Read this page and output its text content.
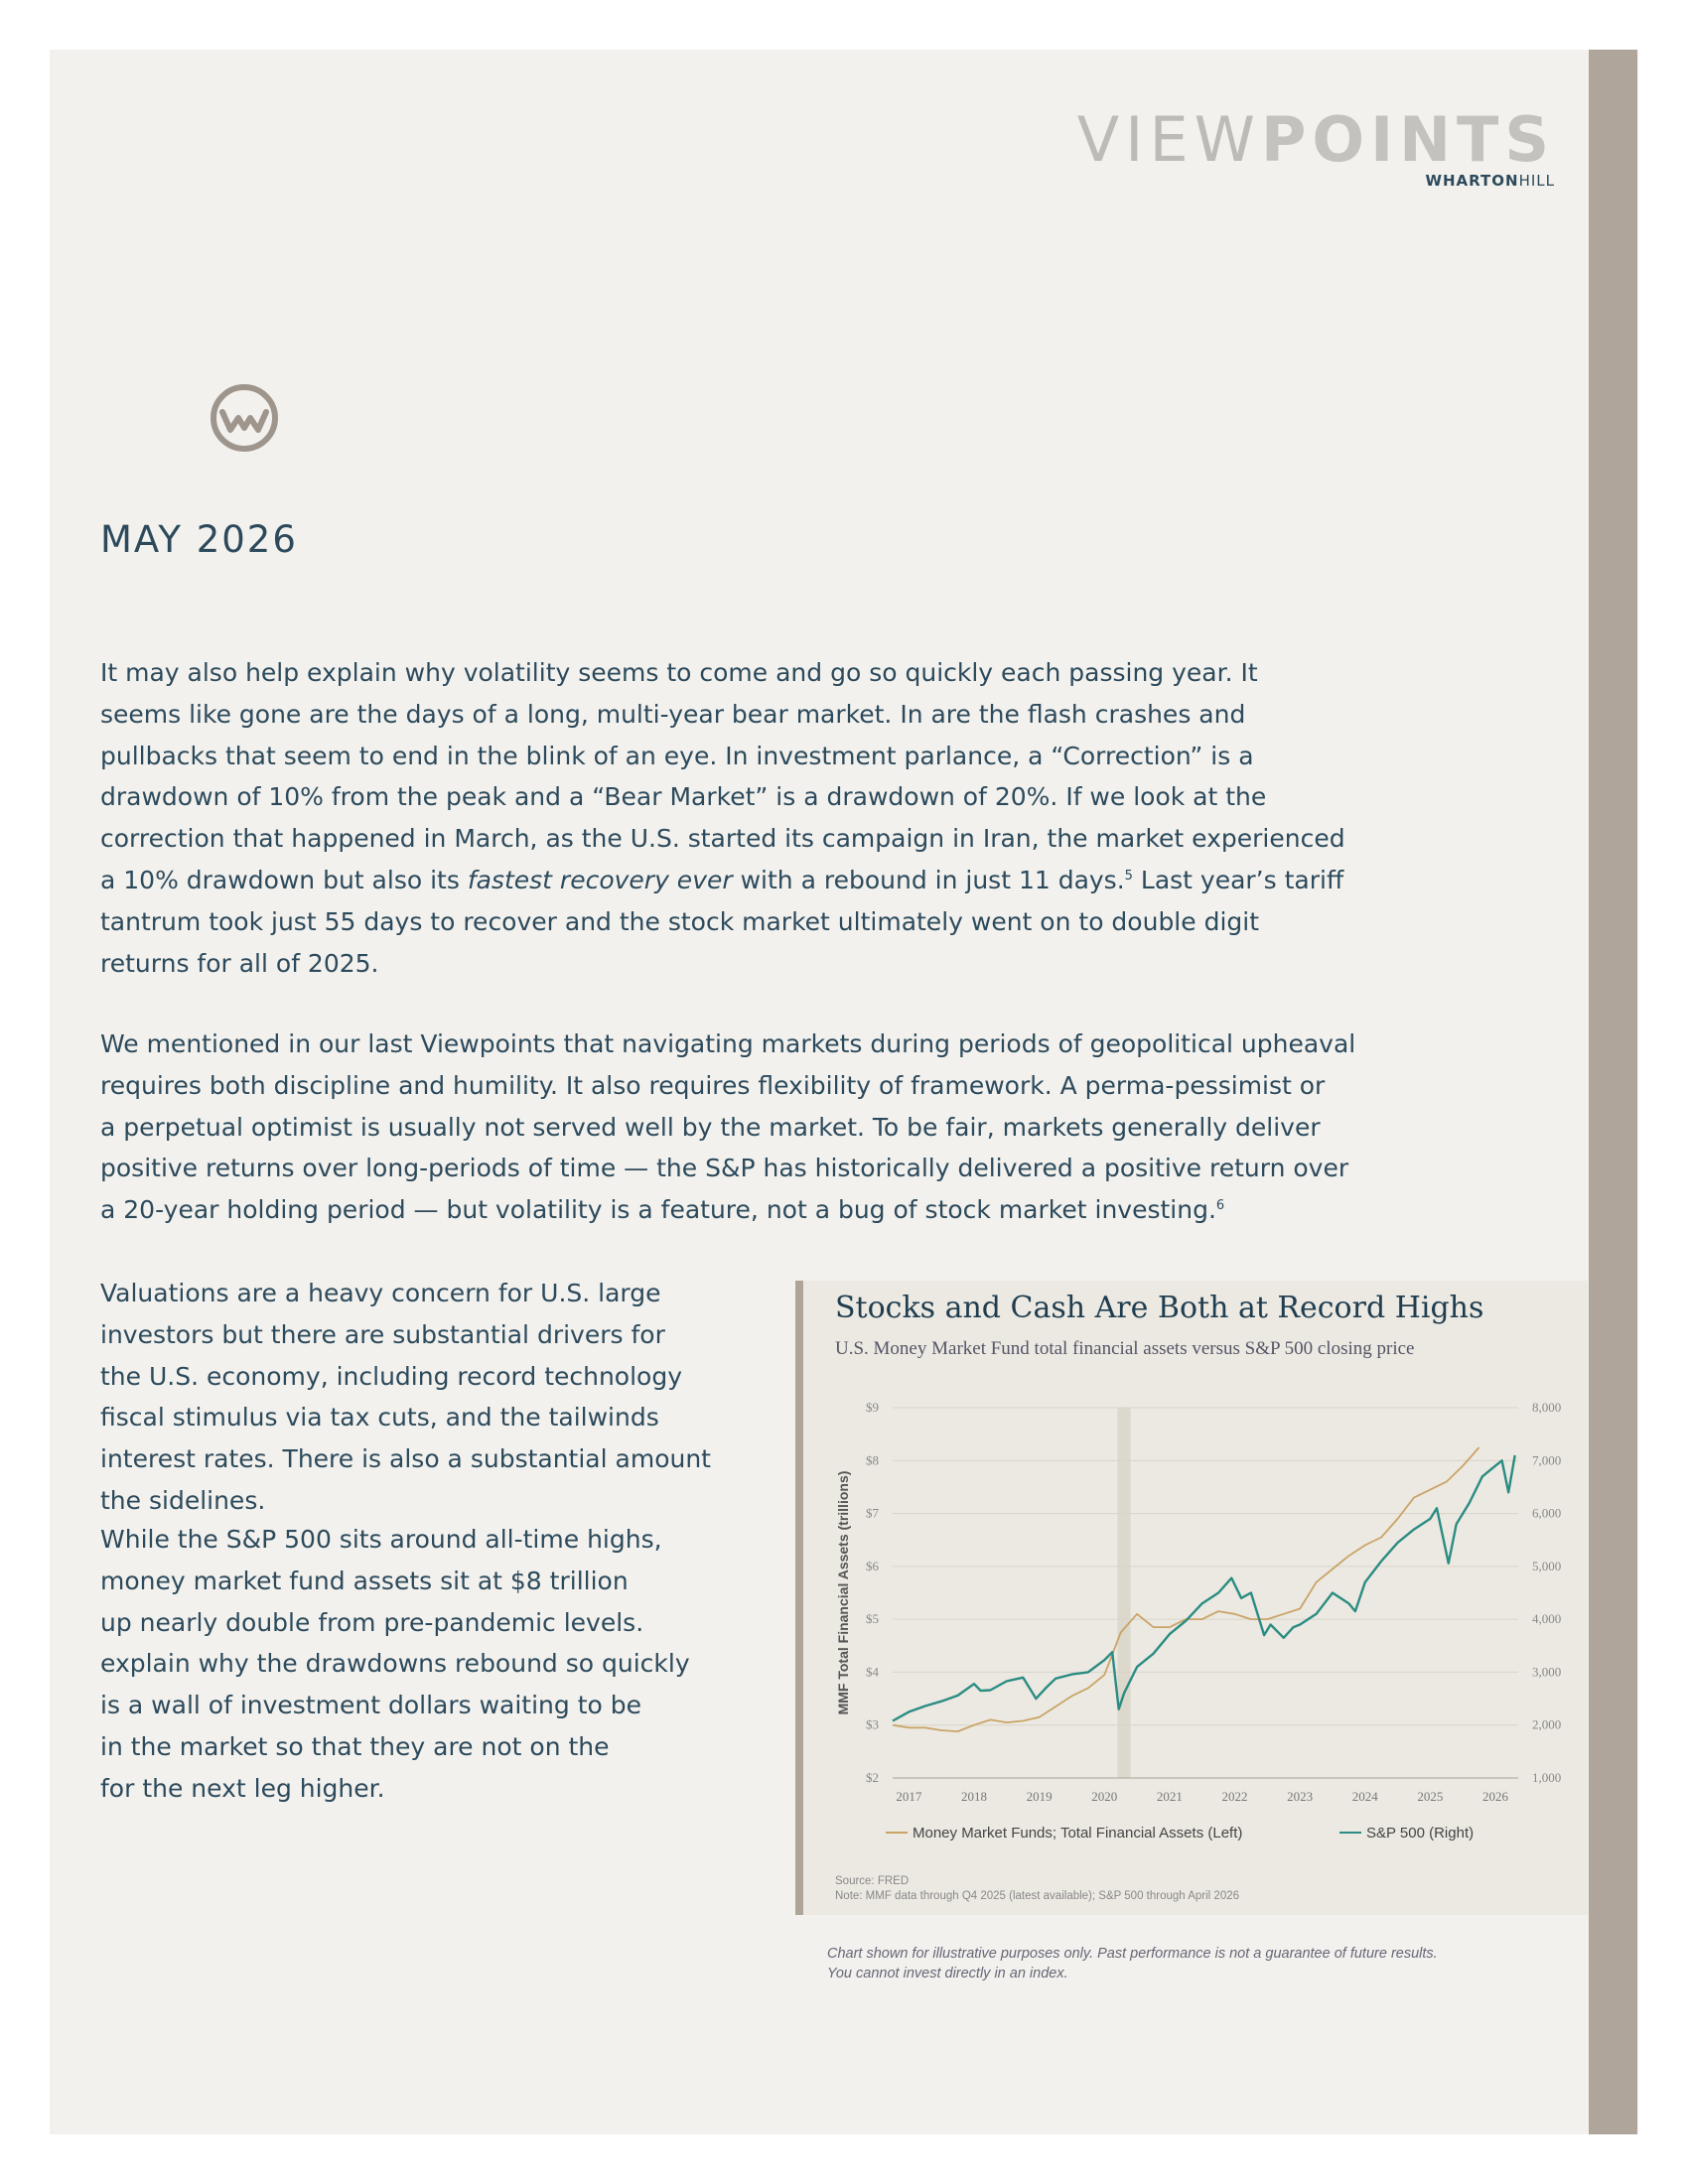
VIEWPOINTS
WHARTONHILL
MAY 2026
It may also help explain why volatility seems to come and go so quickly each passing year. It
seems like gone are the days of a long, multi-year bear market. In are the flash crashes and
pullbacks that seem to end in the blink of an eye. In investment parlance, a “Correction” is a
drawdown of 10% from the peak and a “Bear Market” is a drawdown of 20%. If we look at the
correction that happened in March, as the U.S. started its campaign in Iran, the market experienced
a 10% drawdown but also its fastest recovery ever with a rebound in just 11 days.$^5$ Last year’s tariff
tantrum took just 55 days to recover and the stock market ultimately went on to double digit
returns for all of 2025.
We mentioned in our last Viewpoints that navigating markets during periods of geopolitical upheaval
requires both discipline and humility. It also requires flexibility of framework. A perma-pessimist or
a perpetual optimist is usually not served well by the market. To be fair, markets generally deliver
positive returns over long-periods of time — the S&P has historically delivered a positive return over
a 20-year holding period — but volatility is a feature, not a bug of stock market investing.$^6$
Valuations are a heavy concern for U.S. large
investors but there are substantial drivers for
the U.S. economy, including record technology
fiscal stimulus via tax cuts, and the tailwinds
interest rates. There is also a substantial amount
the sidelines.
While the S&P 500 sits around all-time highs,
money market fund assets sit at $8 trillion
up nearly double from pre-pandemic levels.
explain why the drawdowns rebound so quickly
is a wall of investment dollars waiting to be
in the market so that they are not on the
for the next leg higher.	$2
$3
$4
$5
$6
$7
$8
$9
1,000
2,000
3,000
4,000
5,000
6,000
7,000
8,000
2017	2018	2019	2020	2021	2022	2023	2024	2025	2026
MMF Total Financial Assets (trillions)
Money Market Funds; Total Financial Assets (Left)	S&P 500 (Right)
Stocks and Cash Are Both at Record Highs
U.S. Money Market Fund total financial assets versus S&P 500 closing price
Source: FRED
Note: MMF data through Q4 2025 (latest available); S&P 500 through April 2026
Chart shown for illustrative purposes only. Past performance is not a guarantee of future results. You cannot invest directly in an index.
